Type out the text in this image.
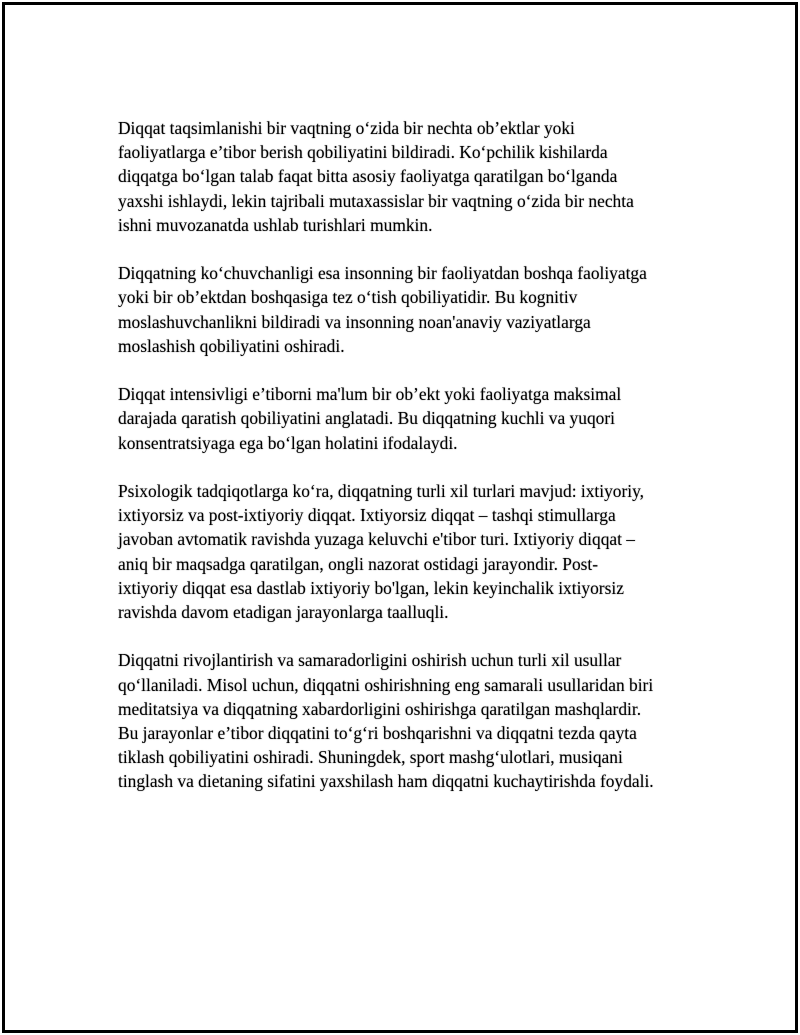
Diqqat taqsimlanishi bir vaqtning o‘zida bir nechta ob’ektlar yoki
faoliyatlarga e’tibor berish qobiliyatini bildiradi. Ko‘pchilik kishilarda
diqqatga bo‘lgan talab faqat bitta asosiy faoliyatga qaratilgan bo‘lganda
yaxshi ishlaydi, lekin tajribali mutaxassislar bir vaqtning o‘zida bir nechta
ishni muvozanatda ushlab turishlari mumkin.

Diqqatning ko‘chuvchanligi esa insonning bir faoliyatdan boshqa faoliyatga
yoki bir ob’ektdan boshqasiga tez o‘tish qobiliyatidir. Bu kognitiv
moslashuvchanlikni bildiradi va insonning noan'anaviy vaziyatlarga
moslashish qobiliyatini oshiradi.

Diqqat intensivligi e’tiborni ma'lum bir ob’ekt yoki faoliyatga maksimal
darajada qaratish qobiliyatini anglatadi. Bu diqqatning kuchli va yuqori
konsentratsiyaga ega bo‘lgan holatini ifodalaydi.

Psixologik tadqiqotlarga ko‘ra, diqqatning turli xil turlari mavjud: ixtiyoriy,
ixtiyorsiz va post-ixtiyoriy diqqat. Ixtiyorsiz diqqat – tashqi stimullarga
javoban avtomatik ravishda yuzaga keluvchi e'tibor turi. Ixtiyoriy diqqat –
aniq bir maqsadga qaratilgan, ongli nazorat ostidagi jarayondir. Post-
ixtiyoriy diqqat esa dastlab ixtiyoriy bo'lgan, lekin keyinchalik ixtiyorsiz
ravishda davom etadigan jarayonlarga taalluqli.

Diqqatni rivojlantirish va samaradorligini oshirish uchun turli xil usullar
qo‘llaniladi. Misol uchun, diqqatni oshirishning eng samarali usullaridan biri
meditatsiya va diqqatning xabardorligini oshirishga qaratilgan mashqlardir.
Bu jarayonlar e’tibor diqqatini to‘g‘ri boshqarishni va diqqatni tezda qayta
tiklash qobiliyatini oshiradi. Shuningdek, sport mashg‘ulotlari, musiqani
tinglash va dietaning sifatini yaxshilash ham diqqatni kuchaytirishda foydali.
